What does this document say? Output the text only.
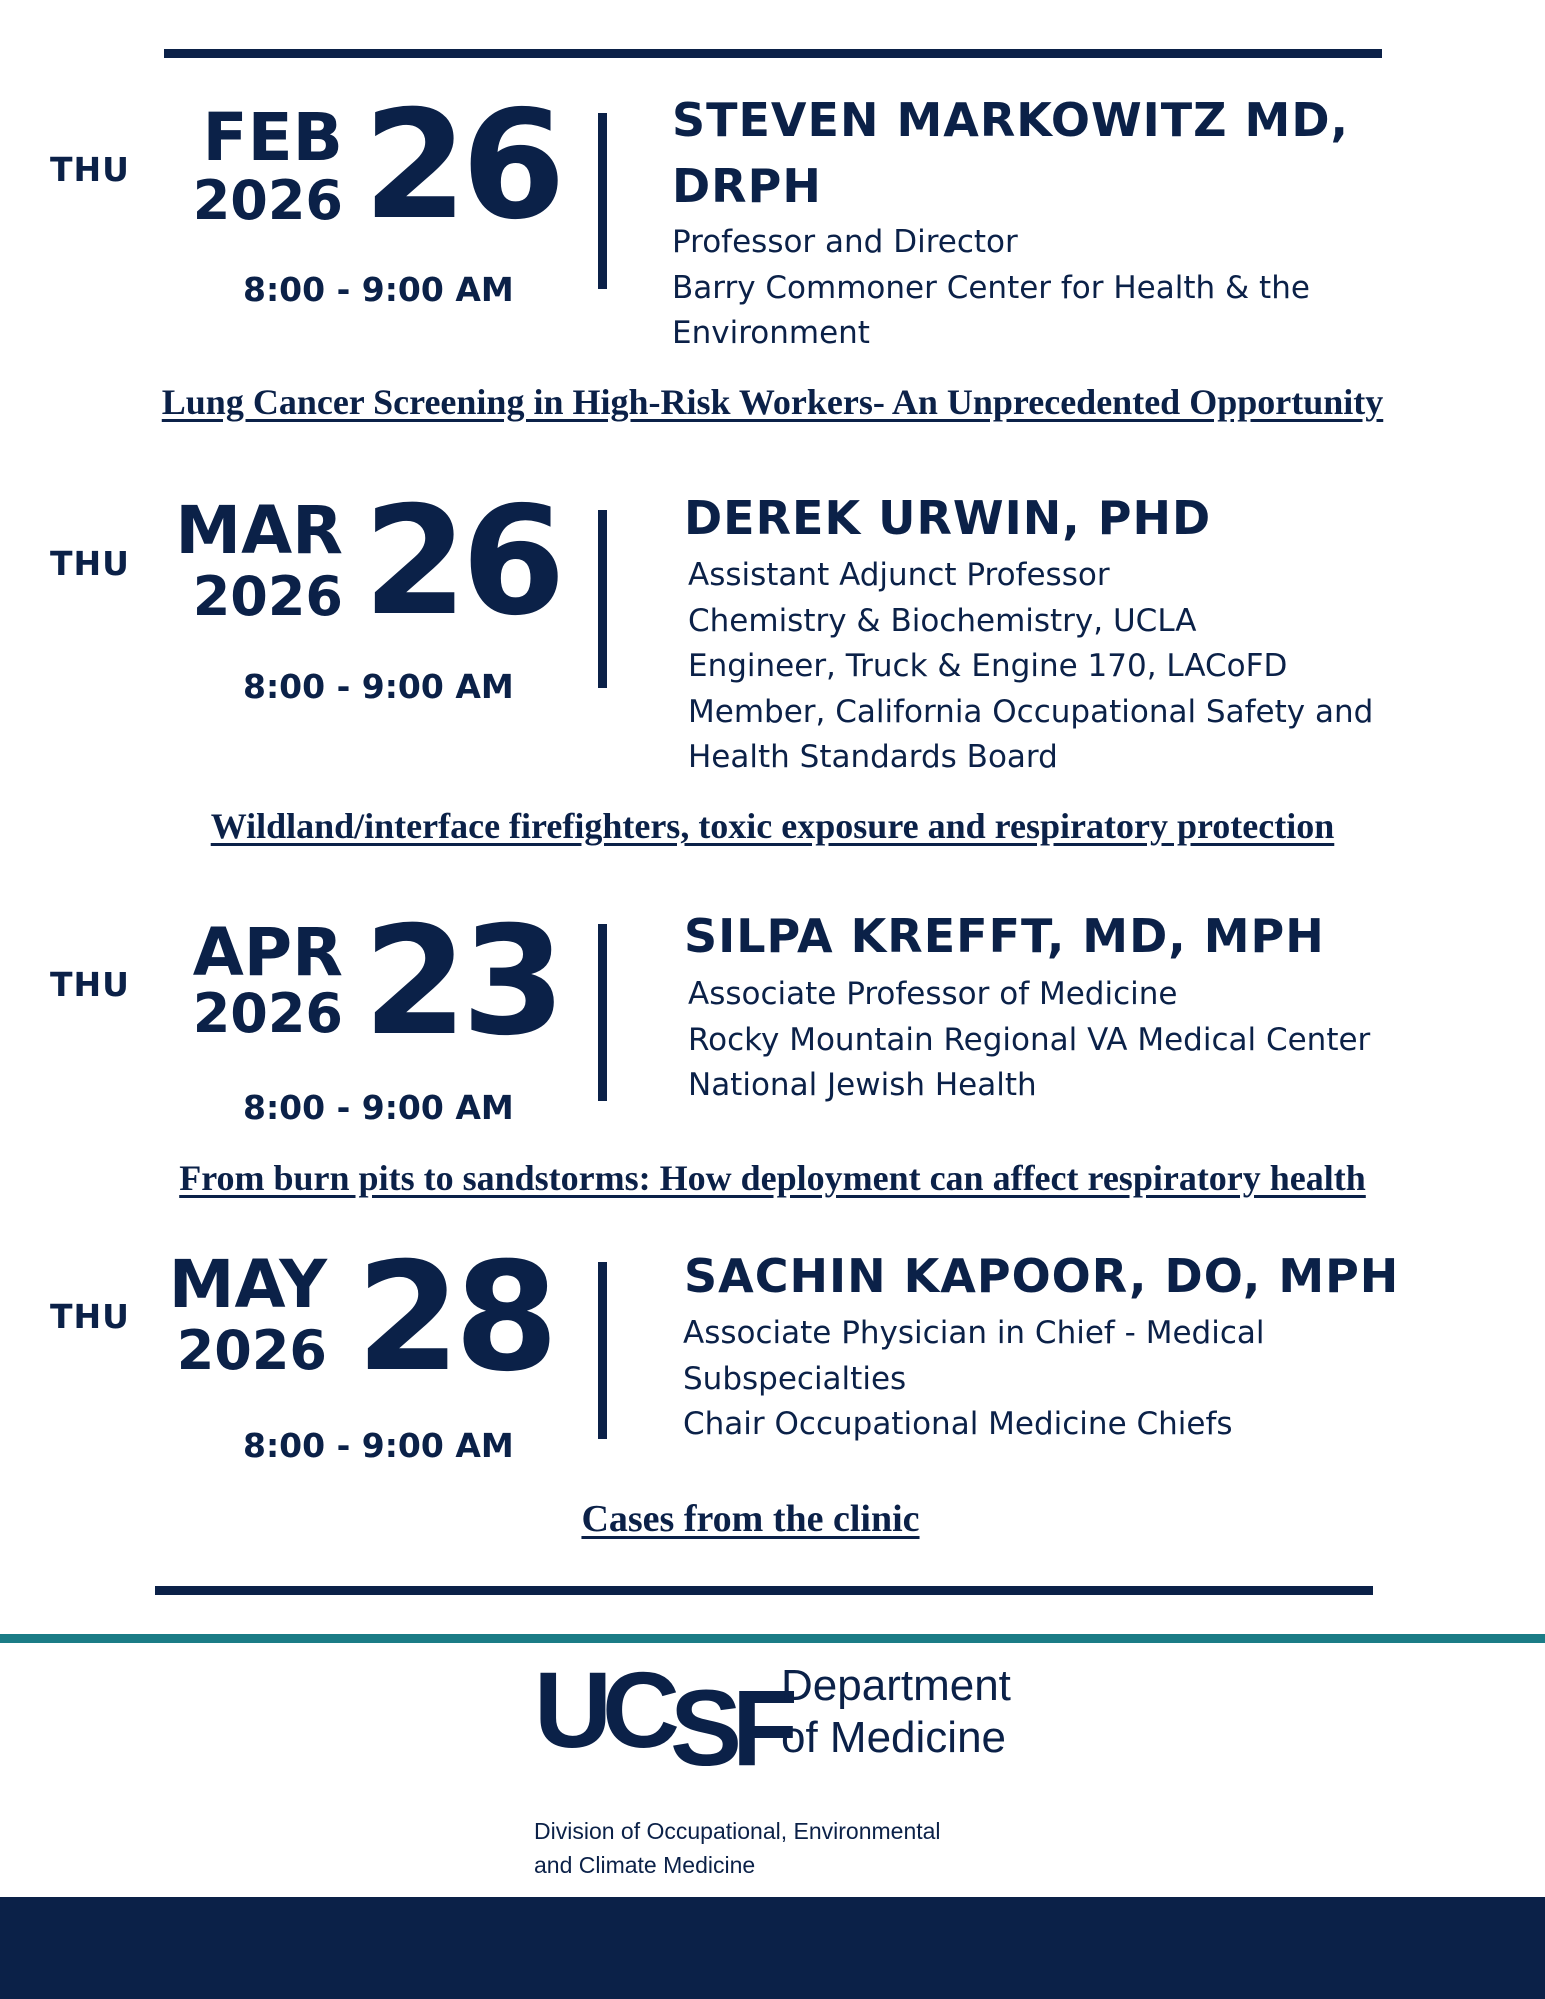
THU FEB
2026 26
8:00 - 9:00 AM
STEVEN MARKOWITZ MD,
DRPH
Professor and Director
Barry Commoner Center for Health & the
Environment
Lung Cancer Screening in High-Risk Workers- An Unprecedented Opportunity
THU MAR
2026 26
8:00 - 9:00 AM
DEREK URWIN, PHD
Assistant Adjunct Professor
Chemistry & Biochemistry, UCLA
Engineer, Truck & Engine 170, LACoFD
Member, California Occupational Safety and
Health Standards Board
Wildland/interface firefighters, toxic exposure and respiratory protection
THU APR
2026 23
8:00 - 9:00 AM
SILPA KREFFT, MD, MPH
Associate Professor of Medicine
Rocky Mountain Regional VA Medical Center
National Jewish Health
From burn pits to sandstorms: How deployment can affect respiratory health
THU MAY
2026 28
8:00 - 9:00 AM
SACHIN KAPOOR, DO, MPH
Associate Physician in Chief - Medical
Subspecialties
Chair Occupational Medicine Chiefs
Cases from the clinic
UCSF
Department
of Medicine
Division of Occupational, Environmental
and Climate Medicine
